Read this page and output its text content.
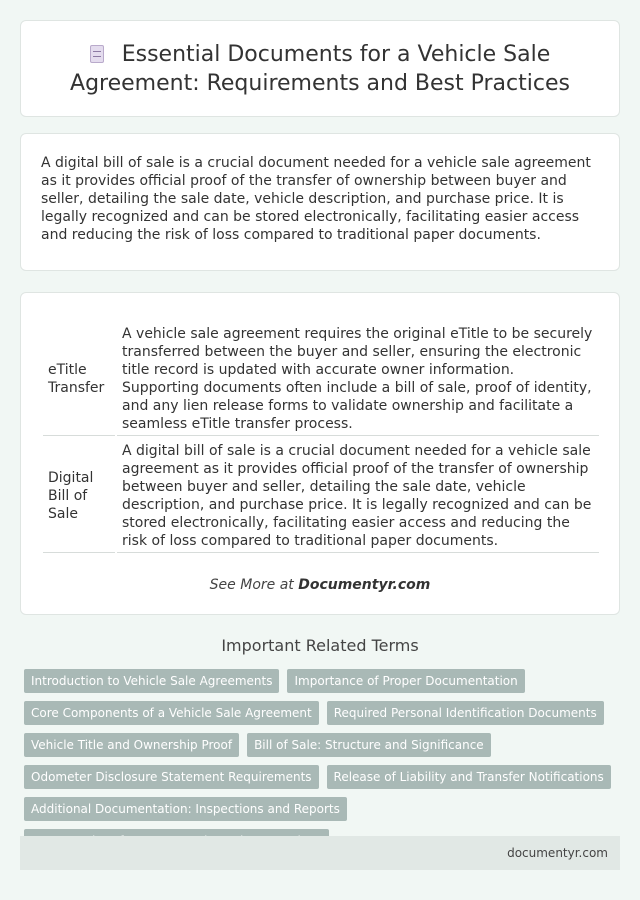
Essential Documents for a Vehicle Sale Agreement: Requirements and Best Practices

A digital bill of sale is a crucial document needed for a vehicle sale agreement as it provides official proof of the transfer of ownership between buyer and seller, detailing the sale date, vehicle description, and purchase price. It is legally recognized and can be stored electronically, facilitating easier access and reducing the risk of loss compared to traditional paper documents.

eTitle Transfer	A vehicle sale agreement requires the original eTitle to be securely transferred between the buyer and seller, ensuring the electronic title record is updated with accurate owner information. Supporting documents often include a bill of sale, proof of identity, and any lien release forms to validate ownership and facilitate a seamless eTitle transfer process.
Digital Bill of Sale	A digital bill of sale is a crucial document needed for a vehicle sale agreement as it provides official proof of the transfer of ownership between buyer and seller, detailing the sale date, vehicle description, and purchase price. It is legally recognized and can be stored electronically, facilitating easier access and reducing the risk of loss compared to traditional paper documents.

See More at Documentyr.com

Important Related Terms
Introduction to Vehicle Sale Agreements	Importance of Proper Documentation
Core Components of a Vehicle Sale Agreement	Required Personal Identification Documents
Vehicle Title and Ownership Proof	Bill of Sale: Structure and Significance
Odometer Disclosure Statement Requirements	Release of Liability and Transfer Notifications
Additional Documentation: Inspections and Reports
documentyr.com
